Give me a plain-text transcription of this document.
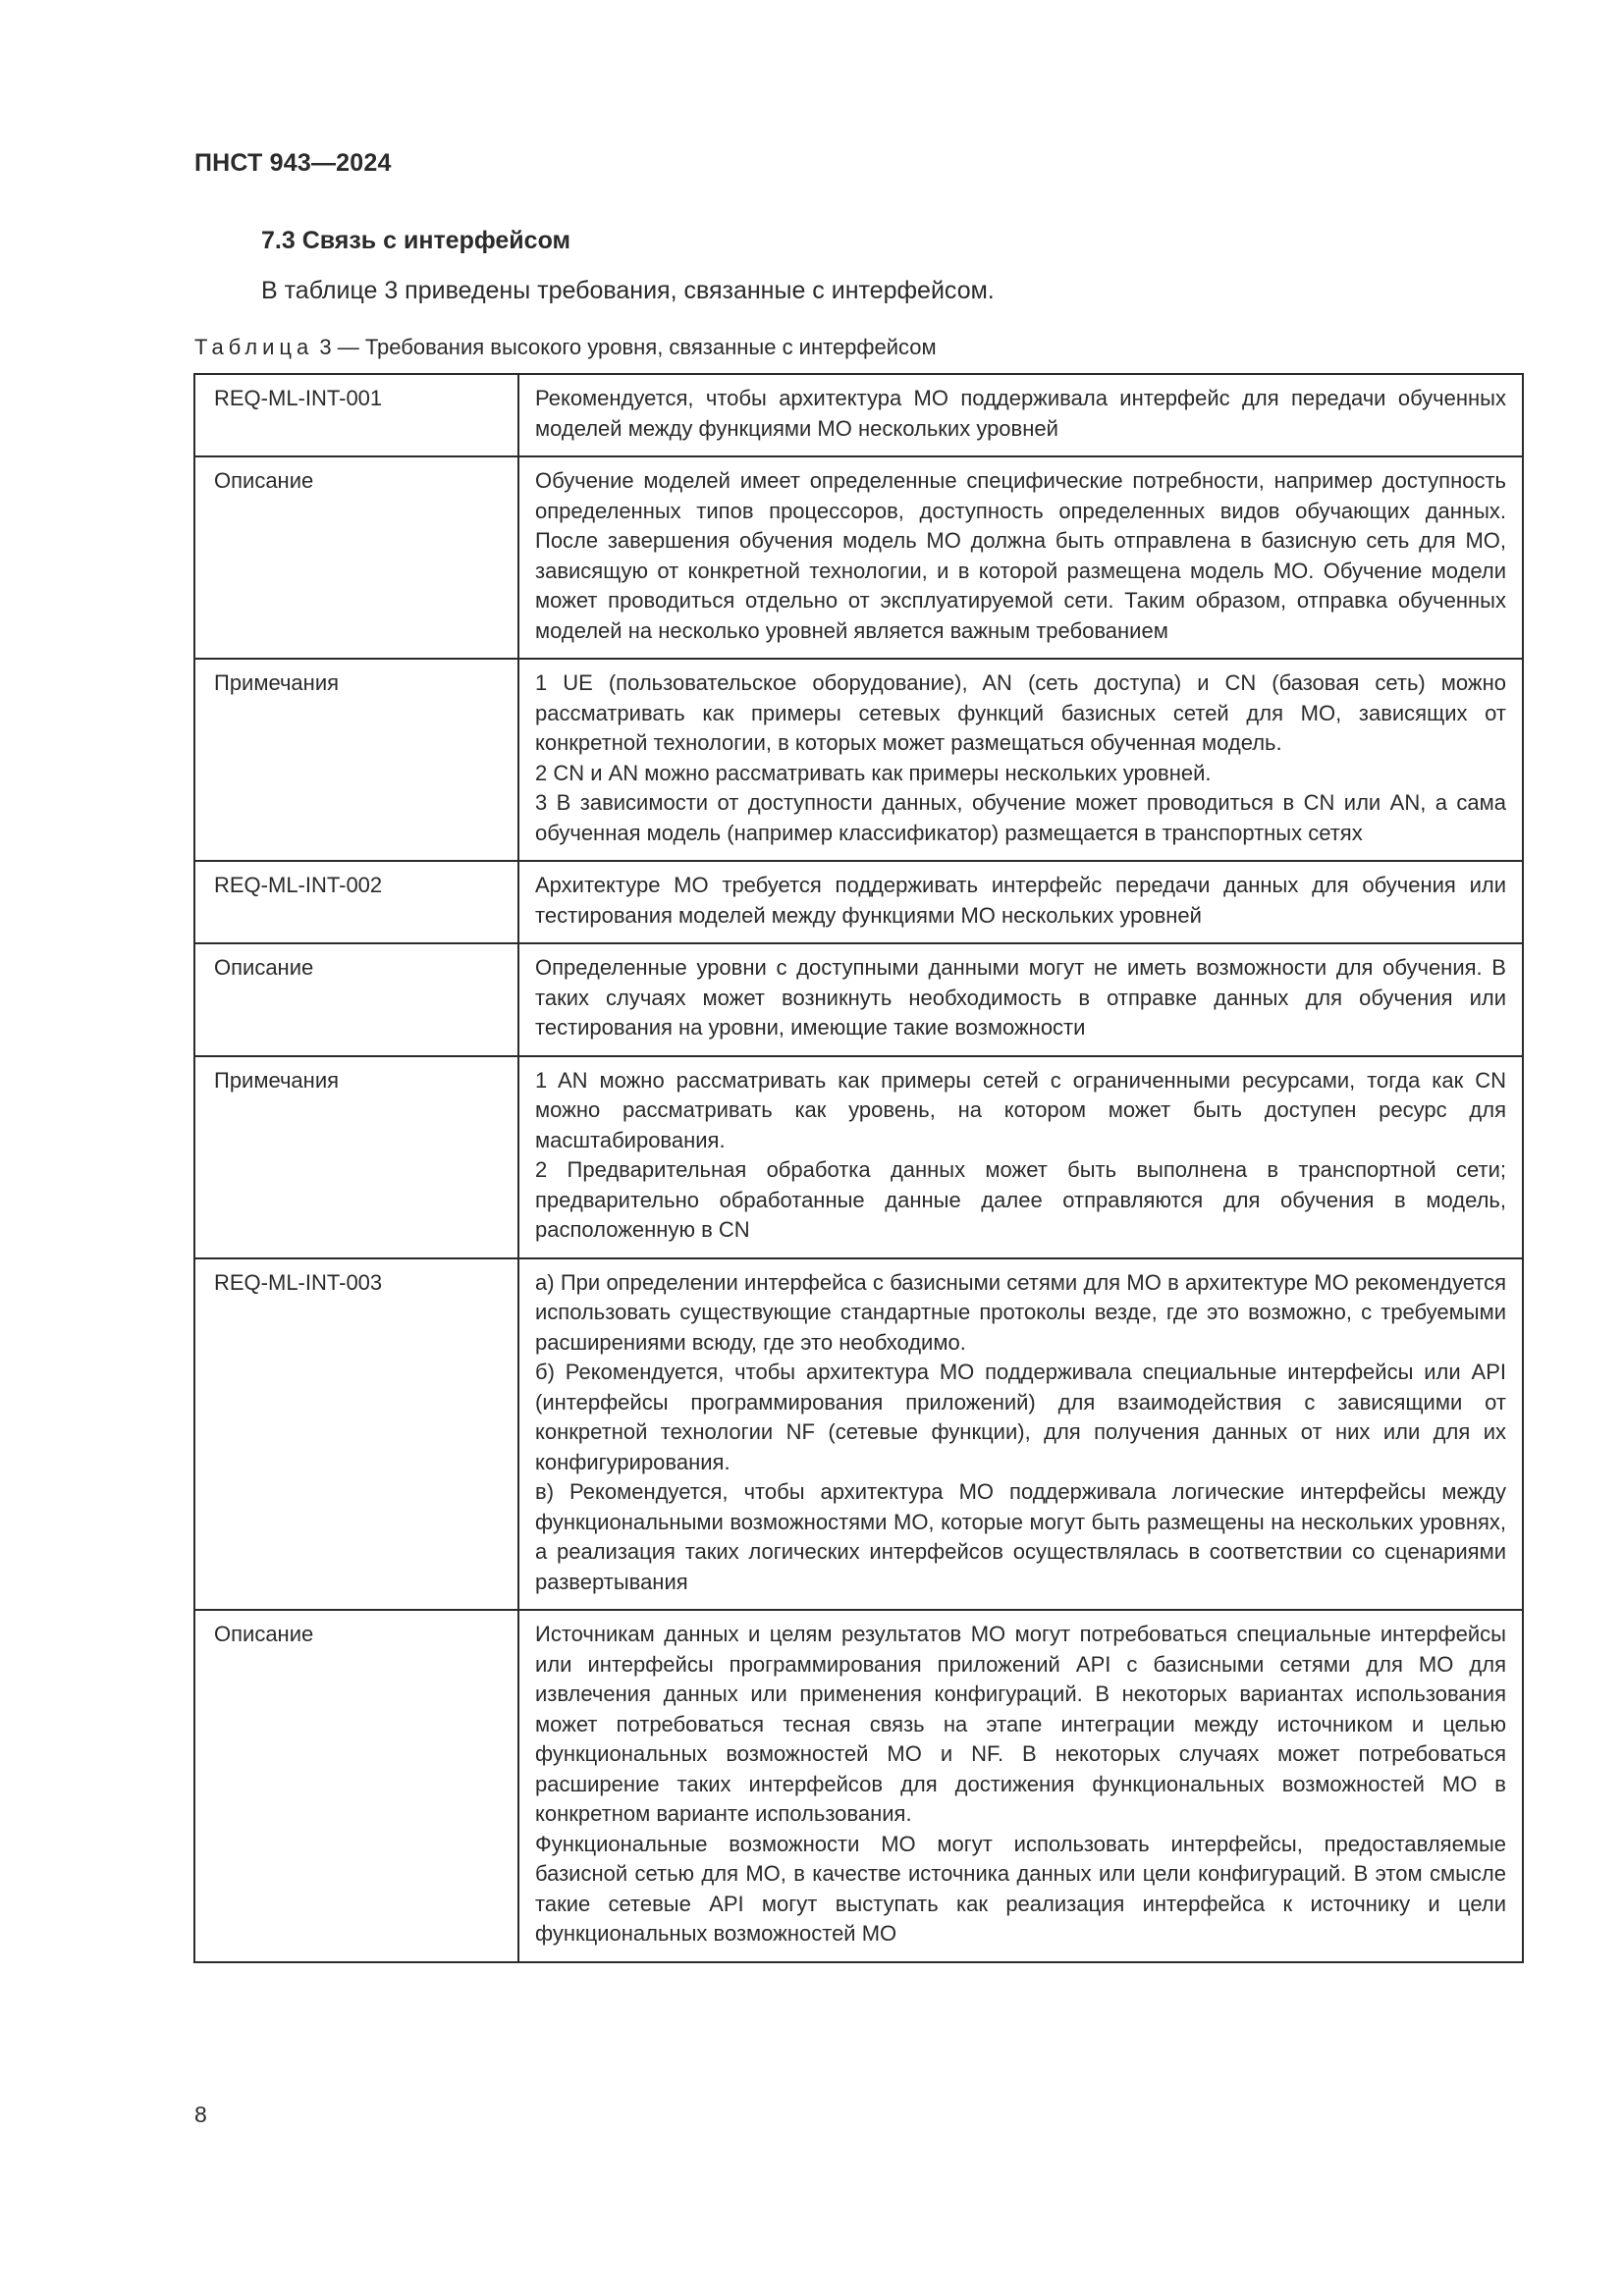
ПНСТ 943—2024
7.3 Связь с интерфейсом
В таблице 3 приведены требования, связанные с интерфейсом.
Таблица 3 — Требования высокого уровня, связанные с интерфейсом
REQ-ML-INT-001	Рекомендуется, чтобы архитектура МО поддерживала интерфейс для передачи обученных моделей между функциями МО нескольких уровней

Описание	Обучение моделей имеет определенные специфические потребности, например доступность определенных типов процессоров, доступность определенных видов обучающих данных. После завершения обучения модель МО должна быть отправлена в базисную сеть для МО, зависящую от конкретной технологии, и в которой размещена модель МО. Обучение модели может проводиться отдельно от эксплуатируемой сети. Таким образом, отправка обученных моделей на несколько уровней является важным требованием

Примечания	1 UE (пользовательское оборудование), AN (сеть доступа) и CN (базовая сеть) можно рассматривать как примеры сетевых функций базисных сетей для МО, зависящих от конкретной технологии, в которых может размещаться обученная модель.
2 CN и AN можно рассматривать как примеры нескольких уровней.
3 В зависимости от доступности данных, обучение может проводиться в CN или AN, а сама обученная модель (например классификатор) размещается в транспортных сетях

REQ-ML-INT-002	Архитектуре МО требуется поддерживать интерфейс передачи данных для обучения или тестирования моделей между функциями МО нескольких уровней

Описание	Определенные уровни с доступными данными могут не иметь возможности для обучения. В таких случаях может возникнуть необходимость в отправке данных для обучения или тестирования на уровни, имеющие такие возможности

Примечания	1 AN можно рассматривать как примеры сетей с ограниченными ресурсами, тогда как CN можно рассматривать как уровень, на котором может быть доступен ресурс для масштабирования.
2 Предварительная обработка данных может быть выполнена в транспортной сети; предварительно обработанные данные далее отправляются для обучения в модель, расположенную в CN

REQ-ML-INT-003	а) При определении интерфейса с базисными сетями для МО в архитектуре МО рекомендуется использовать существующие стандартные протоколы везде, где это возможно, с требуемыми расширениями всюду, где это необходимо.
б) Рекомендуется, чтобы архитектура МО поддерживала специальные интерфейсы или API (интерфейсы программирования приложений) для взаимодействия с зависящими от конкретной технологии NF (сетевые функции), для получения данных от них или для их конфигурирования.
в) Рекомендуется, чтобы архитектура МО поддерживала логические интерфейсы между функциональными возможностями МО, которые могут быть размещены на нескольких уровнях, а реализация таких логических интерфейсов осуществлялась в соответствии со сценариями развертывания

Описание	Источникам данных и целям результатов МО могут потребоваться специальные интерфейсы или интерфейсы программирования приложений API с базисными сетями для МО для извлечения данных или применения конфигураций. В некоторых вариантах использования может потребоваться тесная связь на этапе интеграции между источником и целью функциональных возможностей МО и NF. В некоторых случаях может потребоваться расширение таких интерфейсов для достижения функциональных возможностей МО в конкретном варианте использования.
Функциональные возможности МО могут использовать интерфейсы, предоставляемые базисной сетью для МО, в качестве источника данных или цели конфигураций. В этом смысле такие сетевые API могут выступать как реализация интерфейса к источнику и цели функциональных возможностей МО
8
